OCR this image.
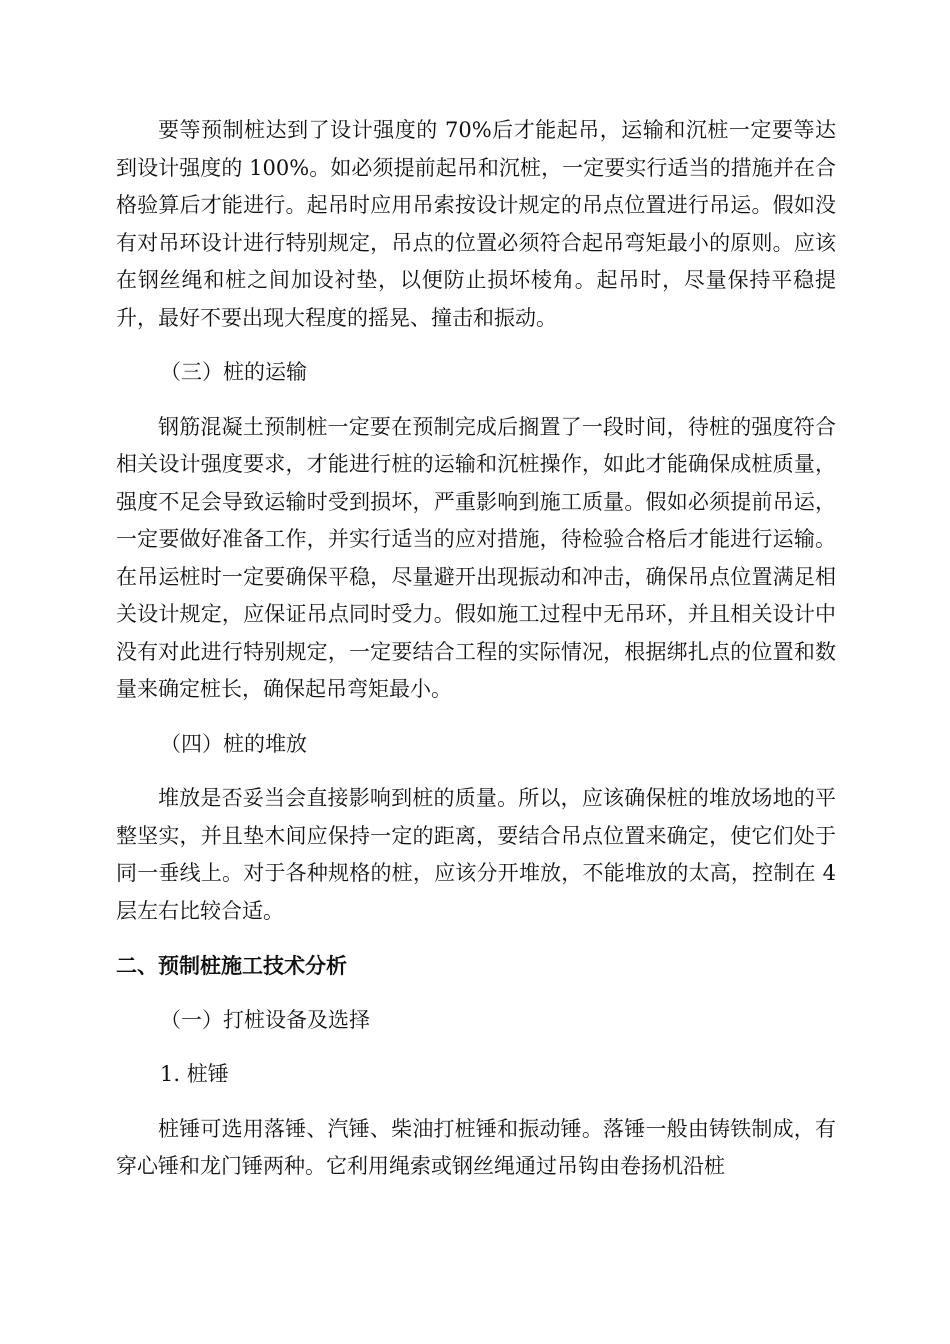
要等预制桩达到了设计强度的 70%后才能起吊，运输和沉桩一定要等达到设计强度的 100%。如必须提前起吊和沉桩，一定要实行适当的措施并在合格验算后才能进行。起吊时应用吊索按设计规定的吊点位置进行吊运。假如没有对吊环设计进行特别规定，吊点的位置必须符合起吊弯矩最小的原则。应该在钢丝绳和桩之间加设衬垫，以便防止损坏棱角。起吊时，尽量保持平稳提升，最好不要出现大程度的摇晃、撞击和振动。

（三）桩的运输

钢筋混凝土预制桩一定要在预制完成后搁置了一段时间，待桩的强度符合相关设计强度要求，才能进行桩的运输和沉桩操作，如此才能确保成桩质量，强度不足会导致运输时受到损坏，严重影响到施工质量。假如必须提前吊运，一定要做好准备工作，并实行适当的应对措施，待检验合格后才能进行运输。在吊运桩时一定要确保平稳，尽量避开出现振动和冲击，确保吊点位置满足相关设计规定，应保证吊点同时受力。假如施工过程中无吊环，并且相关设计中没有对此进行特别规定，一定要结合工程的实际情况，根据绑扎点的位置和数量来确定桩长，确保起吊弯矩最小。

（四）桩的堆放

堆放是否妥当会直接影响到桩的质量。所以，应该确保桩的堆放场地的平整坚实，并且垫木间应保持一定的距离，要结合吊点位置来确定，使它们处于同一垂线上。对于各种规格的桩，应该分开堆放，不能堆放的太高，控制在 4 层左右比较合适。

二、预制桩施工技术分析

（一）打桩设备及选择

1. 桩锤

桩锤可选用落锤、汽锤、柴油打桩锤和振动锤。落锤一般由铸铁制成，有穿心锤和龙门锤两种。它利用绳索或钢丝绳通过吊钩由卷扬机沿桩
